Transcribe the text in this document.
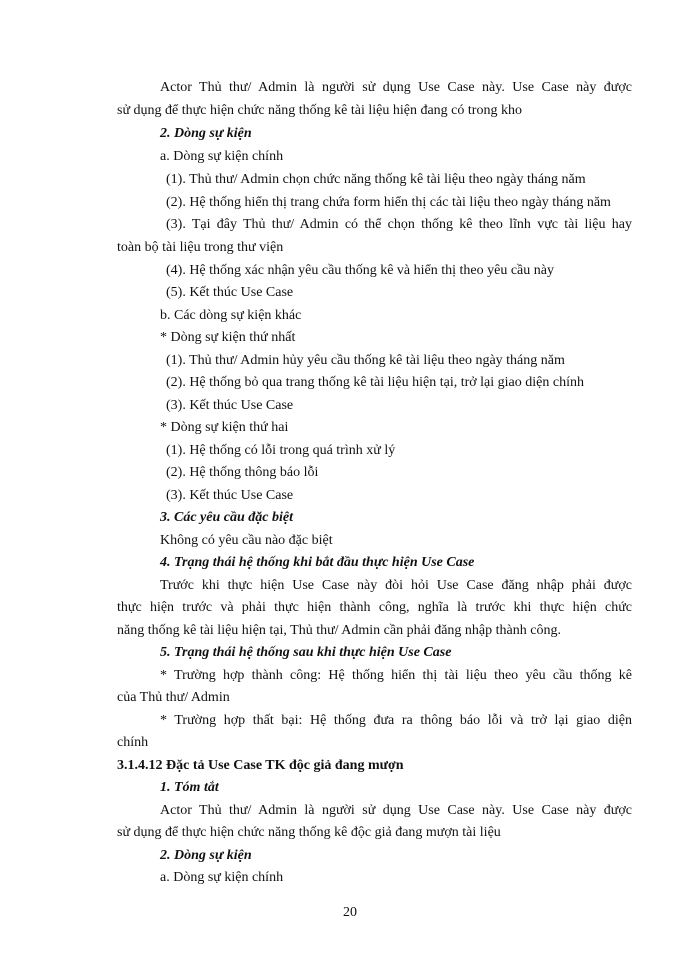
Actor Thủ thư/ Admin là người sử dụng Use Case này. Use Case này được
sử dụng để thực hiện chức năng thống kê tài liệu hiện đang có trong kho
2. Dòng sự kiện
a. Dòng sự kiện chính
(1). Thủ thư/ Admin chọn chức năng thống kê tài liệu theo ngày tháng năm
(2). Hệ thống hiển thị trang chứa form hiển thị các tài liệu theo ngày tháng năm
(3). Tại đây Thủ thư/ Admin có thể chọn thống kê theo lĩnh vực tài liệu hay
toàn bộ tài liệu trong thư viện
(4). Hệ thống xác nhận yêu cầu thống kê và hiển thị theo yêu cầu này
(5). Kết thúc Use Case
b. Các dòng sự kiện khác
* Dòng sự kiện thứ nhất
(1). Thủ thư/ Admin hủy yêu cầu thống kê tài liệu theo ngày tháng năm
(2). Hệ thống bỏ qua trang thống kê tài liệu hiện tại, trở lại giao diện chính
(3). Kết thúc Use Case
* Dòng sự kiện thứ hai
(1). Hệ thống có lỗi trong quá trình xử lý
(2). Hệ thống thông báo lỗi
(3). Kết thúc Use Case
3. Các yêu cầu đặc biệt
Không có yêu cầu nào đặc biệt
4. Trạng thái hệ thống khi bắt đầu thực hiện Use Case
Trước khi thực hiện Use Case này đòi hỏi Use Case đăng nhập phải được
thực hiện trước và phải thực hiện thành công, nghĩa là trước khi thực hiện chức
năng thống kê tài liệu hiện tại, Thủ thư/ Admin cần phải đăng nhập thành công.
5. Trạng thái hệ thống sau khi thực hiện Use Case
* Trường hợp thành công: Hệ thống hiển thị tài liệu theo yêu cầu thống kê
của Thủ thư/ Admin
* Trường hợp thất bại: Hệ thống đưa ra thông báo lỗi và trở lại giao diện
chính
3.1.4.12 Đặc tả Use Case TK độc giả đang mượn
1. Tóm tắt
Actor Thủ thư/ Admin là người sử dụng Use Case này. Use Case này được
sử dụng để thực hiện chức năng thống kê độc giả đang mượn tài liệu
2. Dòng sự kiện
a. Dòng sự kiện chính
20
